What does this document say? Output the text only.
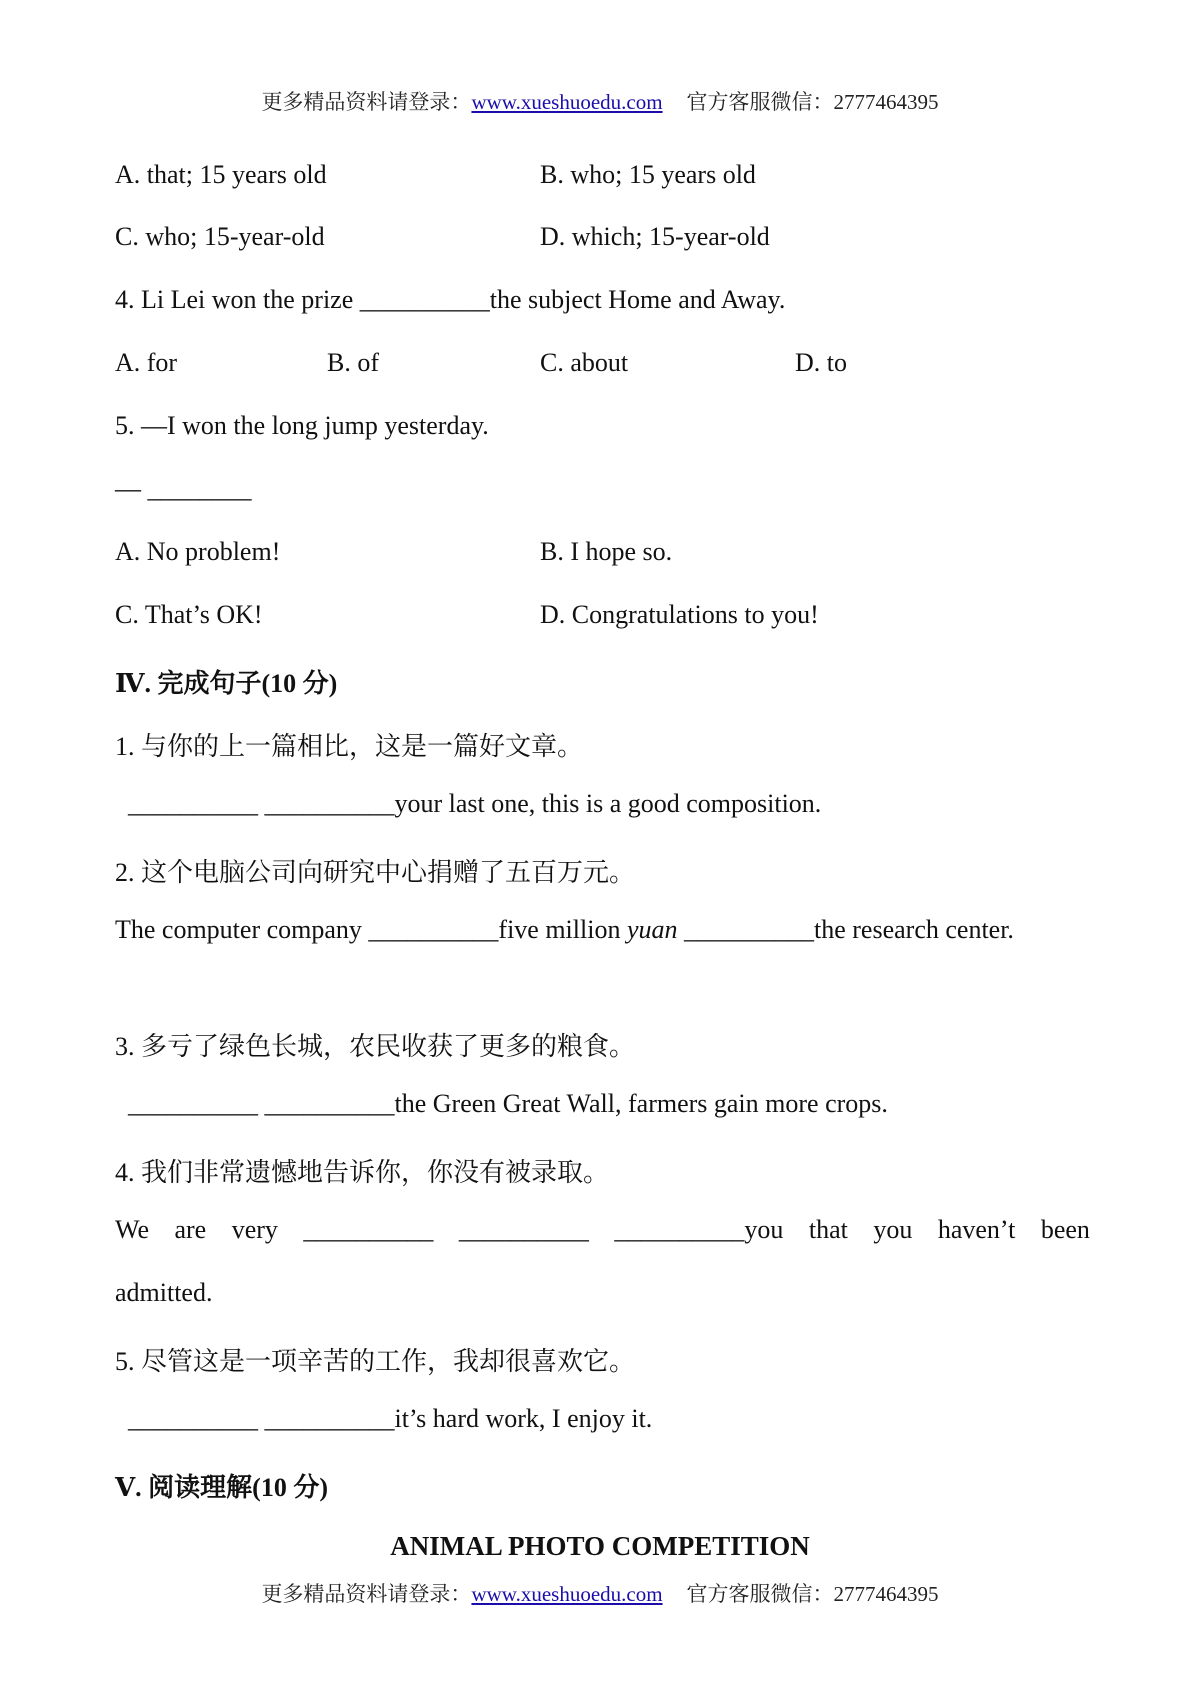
更多精品资料请登录：www.xueshuoedu.com 官方客服微信：2777464395
A. that; 15 years old	B. who; 15 years old
C. who; 15-year-old	D. which; 15-year-old
4. Li Lei won the prize __________the subject Home and Away.
A. for	B. of	C. about	D. to
5. —I won the long jump yesterday.
— ________
A. No problem!	B. I hope so.
C. That’s OK!	D. Congratulations to you!
Ⅳ. 完成句子(10 分)
1. 与你的上一篇相比，这是一篇好文章。
__________ __________your last one, this is a good composition.
2. 这个电脑公司向研究中心捐赠了五百万元。
The computer company __________five million yuan __________the research center.
3. 多亏了绿色长城，农民收获了更多的粮食。
__________ __________the Green Great Wall, farmers gain more crops.
4. 我们非常遗憾地告诉你，你没有被录取。
We are very __________ __________ __________you that you haven’t been
admitted.
5. 尽管这是一项辛苦的工作，我却很喜欢它。
__________ __________it’s hard work, I enjoy it.
Ⅴ. 阅读理解(10 分)
ANIMAL PHOTO COMPETITION
更多精品资料请登录：www.xueshuoedu.com 官方客服微信：2777464395
